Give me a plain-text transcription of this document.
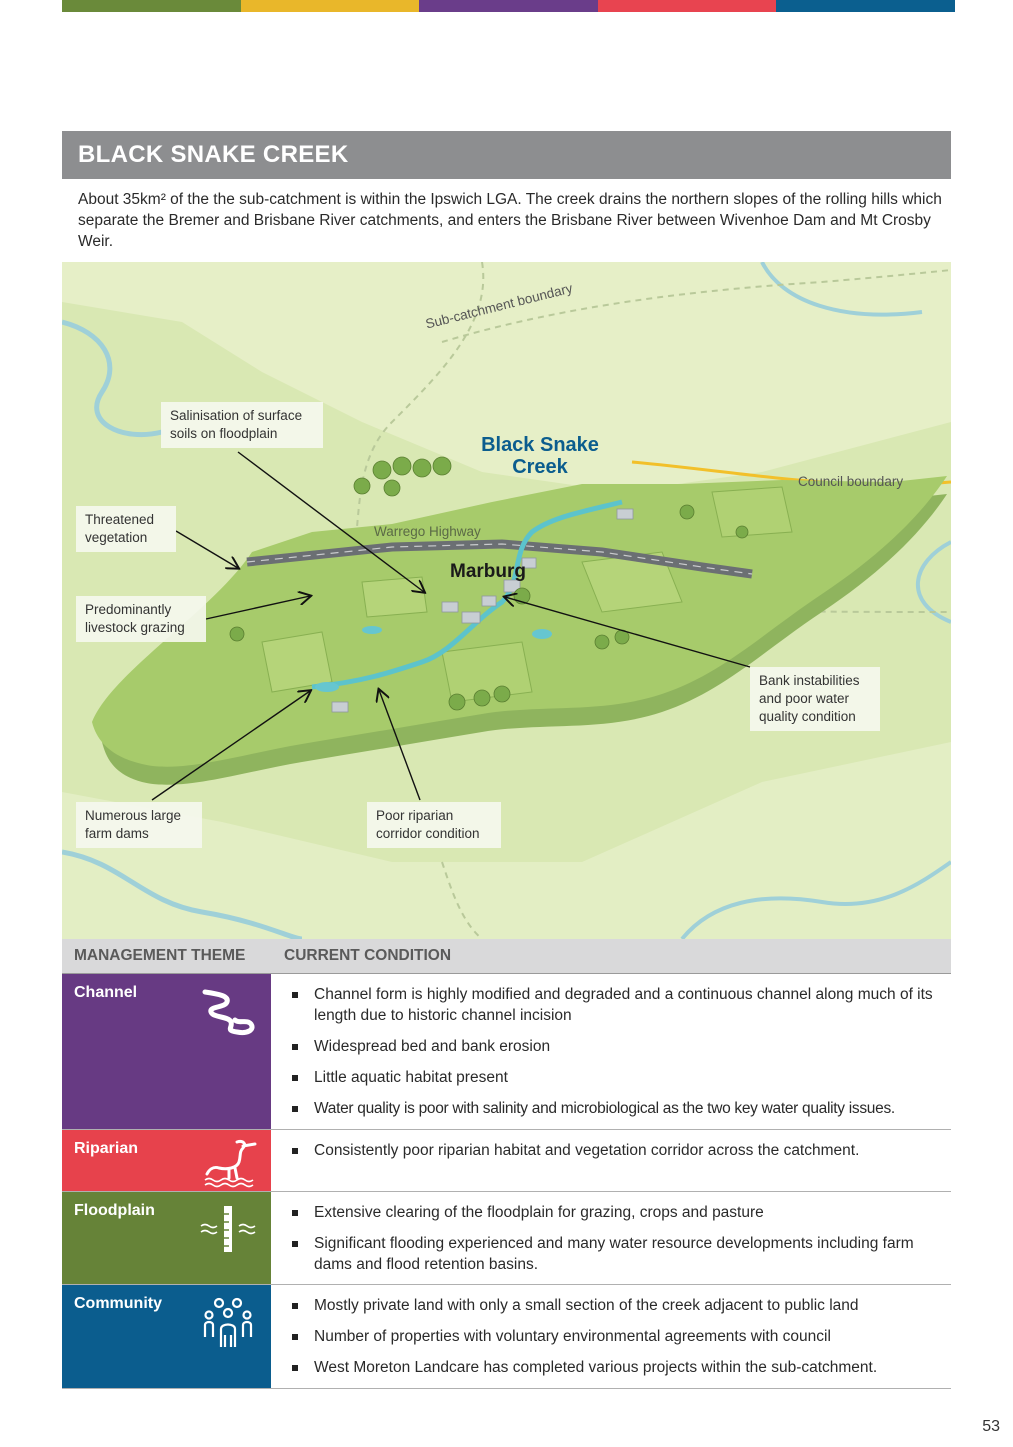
BLACK SNAKE CREEK
About 35km² of the the sub-catchment is within the Ipswich LGA. The creek drains the northern slopes of the rolling hills which separate the Bremer and Brisbane River catchments, and enters the Brisbane River between Wivenhoe Dam and Mt Crosby Weir.
Sub-catchment boundary
Black Snake Creek
Council boundary
Warrego Highway
Marburg
Salinisation of surface soils on floodplain
Threatened vegetation
Predominantly livestock grazing
Bank instabilities and poor water quality condition
Numerous large farm dams
Poor riparian corridor condition
MANAGEMENT THEME CURRENT CONDITION
Channel	Channel form is highly modified and degraded and a continuous channel along much of its length due to historic channel incision
Widespread bed and bank erosion
Little aquatic habitat present
Water quality is poor with salinity and microbiological as the two key water quality issues.
Riparian	Consistently poor riparian habitat and vegetation corridor across the catchment.
Floodplain	Extensive clearing of the floodplain for grazing, crops and pasture
Significant flooding experienced and many water resource developments including farm dams and flood retention basins.
Community	Mostly private land with only a small section of the creek adjacent to public land
Number of properties with voluntary environmental agreements with council
West Moreton Landcare has completed various projects within the sub-catchment.
53
